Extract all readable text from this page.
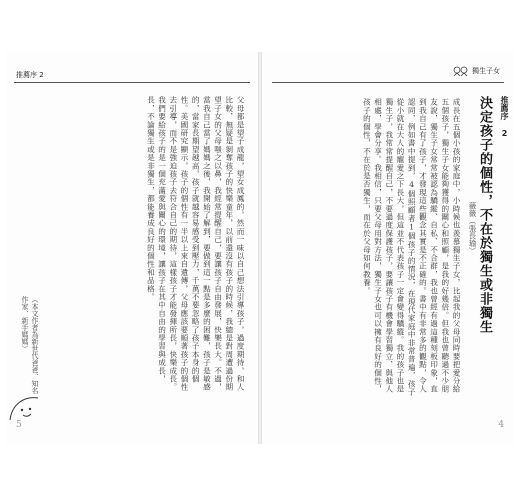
推薦序 2
父母都是望子成龍，望女成鳳的，然而一味以自己想法引導孩子，過度期待，和人比較，無疑是剝奪孩子的快樂童年，以前還沒有孩子的時候，我總是對周遭過份期望子女的父母嗤之以鼻，我經常提醒自己，要讓孩子自由發展，快樂長大。不過，當我自己當了媽媽之後，我開始了解到，要做到這一點是多麼的困難，孩子是敏感的，當家長期望越高，孩子就越容易感受到壓力，千萬不要忽略了孩子本身的個性。美國研究顯示，孩子的個性有一半以上來自遺傳，父母應該要順著孩子的個性去引導，而不是強迫孩子去符合自己的期待，這樣孩子才能發揮所長，快樂成長。我們要給孩子的是一個充滿愛與關心的環境，讓孩子在其中自由的學習與成長，長，不論獨生或是非獨生，都能養成良好的個性和品格。
（本文作者為新世代爸爸、知名作家、新手媽媽）
5
獨生子女
推薦序 2
決定孩子的個性，不在於獨生或非獨生
薇薇（張長瑜）
成長在五個小孩的家庭中，小時候也羨慕獨生子女，比起我的父母同時要把愛分給五個孩子，獨生子女能夠獲得的關心和照顧，是我的好幾倍。但我也曾聽過不少朋友說，獨生子女常常被認為驕縱、自私、不合群，我也曾經有過這種刻板印象，直到我自己有了孩子，才發現這些觀念其實是不正確的。書中有非常多的觀點，令人認同，例如書中提到，4個照顧者1個孩子的情況，在現代家庭中非常普遍，孩子從小就在大人的寵愛之下長大，但這並不代表孩子一定會變得驕縱。我的孩子也是獨生子，我常常提醒自己，不要過度保護孩子，要讓孩子有機會學習獨立，與他人相處，學會分享。我相信，只要父母用對方法，獨生子女也可以擁有良好的個性，孩子的個性，不在於是否獨生，而在於父母如何教養。
4
